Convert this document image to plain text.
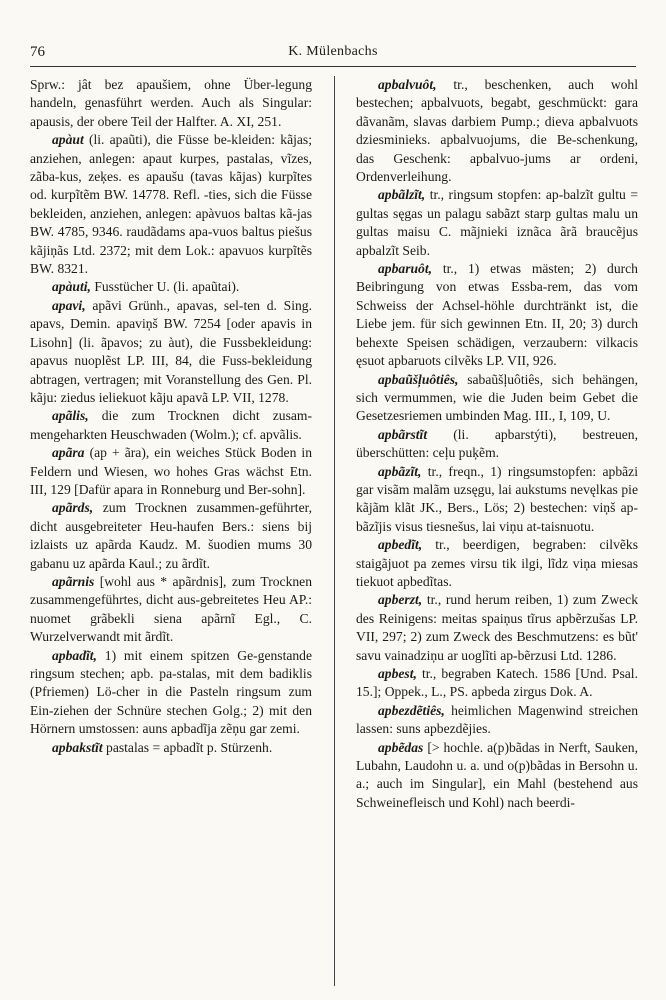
76	K. Mülenbachs

Sprw.: jât bez apaušiem, ohne Über-legung handeln, genasführt werden. Auch als Singular: apausis, der obere Teil der Halfter. A. XI, 251.

apàut (li. apaũti), die Füsse be-kleiden: kãjas; anziehen, anlegen: apaut kurpes, pastalas, vĩzes, zãba-kus, zeķes. es apaušu (tavas kãjas) kurpĩtes od. kurpĩtẽm BW. 14778. Refl. -ties, sich die Füsse bekleiden, anziehen, anlegen: apàvuos baltas kã-jas BW. 4785, 9346. raudãdams apa-vuos baltus piešus kãjiņãs Ltd. 2372; mit dem Lok.: apavuos kurpĩtẽs BW. 8321.

apàuti, Fusstücher U. (li. apaũtai).

apavi, apãvi Grünh., apavas, sel-ten d. Sing. apavs, Demin. apaviņš BW. 7254 [oder apavis in Lisohn] (li. ãpavos; zu àut), die Fussbekleidung: apavus nuoplẽst LP. III, 84, die Fuss-bekleidung abtragen, vertragen; mit Voranstellung des Gen. Pl. kãju: ziedus ieliekuot kãju apavã LP. VII, 1278.

apãlis, die zum Trocknen dicht zusam-mengeharkten Heuschwaden (Wolm.); cf. apvãlis.

apãra (ap + ãra), ein weiches Stück Boden in Feldern und Wiesen, wo hohes Gras wächst Etn. III, 129 [Dafür apara in Ronneburg und Ber-sohn].

apãrds, zum Trocknen zusammen-geführter, dicht ausgebreiteter Heu-haufen Bers.: siens bij izlaists uz apãrda Kaudz. M. šuodien mums 30 gabanu uz apãrda Kaul.; zu ãrdĩt.

apãrnis [wohl aus * apãrdnis], zum Trocknen zusammengeführtes, dicht aus-gebreitetes Heu AP.: nuomet grãbekli siena apãrnĩ Egl., C. Wurzelverwandt mit ãrdĩt.

apbadĩt, 1) mit einem spitzen Ge-genstande ringsum stechen; apb. pa-stalas, mit dem badiklis (Pfriemen) Lö-cher in die Pasteln ringsum zum Ein-ziehen der Schnüre stechen Golg.; 2) mit den Hörnern umstossen: auns apbadĩja zẽņu gar zemi.

apbakstĩt pastalas = apbadĩt p. Stürzenh.

apbalvuôt, tr., beschenken, auch wohl bestechen; apbalvuots, begabt, geschmückt: gara dãvanãm, slavas darbiem Pump.; dieva apbalvuots dziesminieks. apbalvuojums, die Be-schenkung, das Geschenk: apbalvuo-jums ar ordeni, Ordenverleihung.

apbãlzĩt, tr., ringsum stopfen: ap-balzĩt gultu = gultas sęgas un palagu sabãzt starp gultas malu un gultas maisu C. mãjnieki iznãca ãrã braucẽjus apbalzĩt Seib.

apbaruôt, tr., 1) etwas mästen; 2) durch Beibringung von etwas Essba-rem, das vom Schweiss der Achsel-höhle durchtränkt ist, die Liebe jem. für sich gewinnen Etn. II, 20; 3) durch behexte Speisen schädigen, verzaubern: vilkacis ęsuot apbaruots cilvẽks LP. VII, 926.

apbaũšļuôtiês, sabaũšļuôtiês, sich behängen, sich vermummen, wie die Juden beim Gebet die Gesetzesriemen umbinden Mag. III., I, 109, U.

apbãrstĩt (li. apbarstýti), bestreuen, überschütten: ceļu puķẽm.

apbãzĩt, tr., freqn., 1) ringsumstopfen: apbãzi gar visãm malãm uzsęgu, lai aukstums nevęlkas pie kãjãm klãt JK., Bers., Lös; 2) bestechen: viņš ap-bãzĩjis visus tiesnešus, lai viņu at-taisnuotu.

apbedĩt, tr., beerdigen, begraben: cilvẽks staigãjuot pa zemes virsu tik ilgi, lĩdz viņa miesas tiekuot apbedĩtas.

apberzt, tr., rund herum reiben, 1) zum Zweck des Reinigens: meitas spaiņus tĩrus apbẽrzušas LP. VII, 297; 2) zum Zweck des Beschmutzens: es bũt' savu vainadziņu ar uoglĩti ap-bẽrzusi Ltd. 1286.

apbest, tr., begraben Katech. 1586 [Und. Psal. 15.]; Oppek., L., PS. apbeda zirgus Dok. A.

apbezdẽtiês, heimlichen Magenwind streichen lassen: suns apbezdẽjies.

apbẽdas [> hochle. a(p)bãdas in Nerft, Sauken, Lubahn, Laudohn u. a. und o(p)bãdas in Bersohn u. a.; auch im Singular], ein Mahl (bestehend aus Schweinefleisch und Kohl) nach beerdi-
